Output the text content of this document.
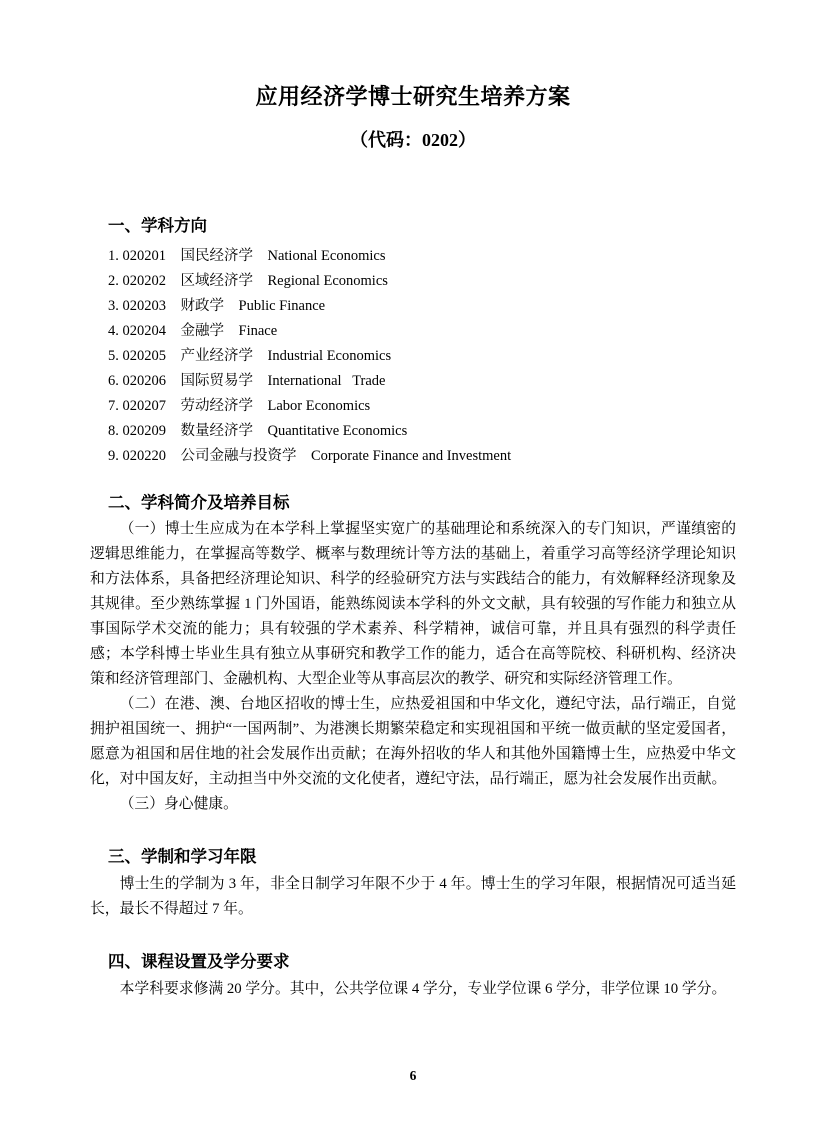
应用经济学博士研究生培养方案
（代码：0202）
一、学科方向
1. 020201   国民经济学   National Economics
2. 020202   区域经济学   Regional Economics
3. 020203   财政学   Public Finance
4. 020204   金融学   Finace
5. 020205   产业经济学   Industrial Economics
6. 020206   国际贸易学   International   Trade
7. 020207   劳动经济学   Labor Economics
8. 020209   数量经济学   Quantitative Economics
9. 020220   公司金融与投资学   Corporate Finance and Investment
二、学科简介及培养目标

（一）博士生应成为在本学科上掌握坚实宽广的基础理论和系统深入的专门知识，严谨缜密的逻辑思维能力，在掌握高等数学、概率与数理统计等方法的基础上，着重学习高等经济学理论知识和方法体系，具备把经济理论知识、科学的经验研究方法与实践结合的能力，有效解释经济现象及其规律。至少熟练掌握 1 门外国语，能熟练阅读本学科的外文文献，具有较强的写作能力和独立从事国际学术交流的能力；具有较强的学术素养、科学精神，诚信可靠，并且具有强烈的科学责任感；本学科博士毕业生具有独立从事研究和教学工作的能力，适合在高等院校、科研机构、经济决策和经济管理部门、金融机构、大型企业等从事高层次的教学、研究和实际经济管理工作。

（二）在港、澳、台地区招收的博士生，应热爱祖国和中华文化，遵纪守法，品行端正，自觉拥护祖国统一、拥护“一国两制”、为港澳长期繁荣稳定和实现祖国和平统一做贡献的坚定爱国者，愿意为祖国和居住地的社会发展作出贡献；在海外招收的华人和其他外国籍博士生，应热爱中华文化，对中国友好，主动担当中外交流的文化使者，遵纪守法，品行端正，愿为社会发展作出贡献。

（三）身心健康。

三、学制和学习年限

博士生的学制为 3 年，非全日制学习年限不少于 4 年。博士生的学习年限，根据情况可适当延长，最长不得超过 7 年。

四、课程设置及学分要求

本学科要求修满 20 学分。其中，公共学位课 4 学分，专业学位课 6 学分，非学位课 10 学分。

6
